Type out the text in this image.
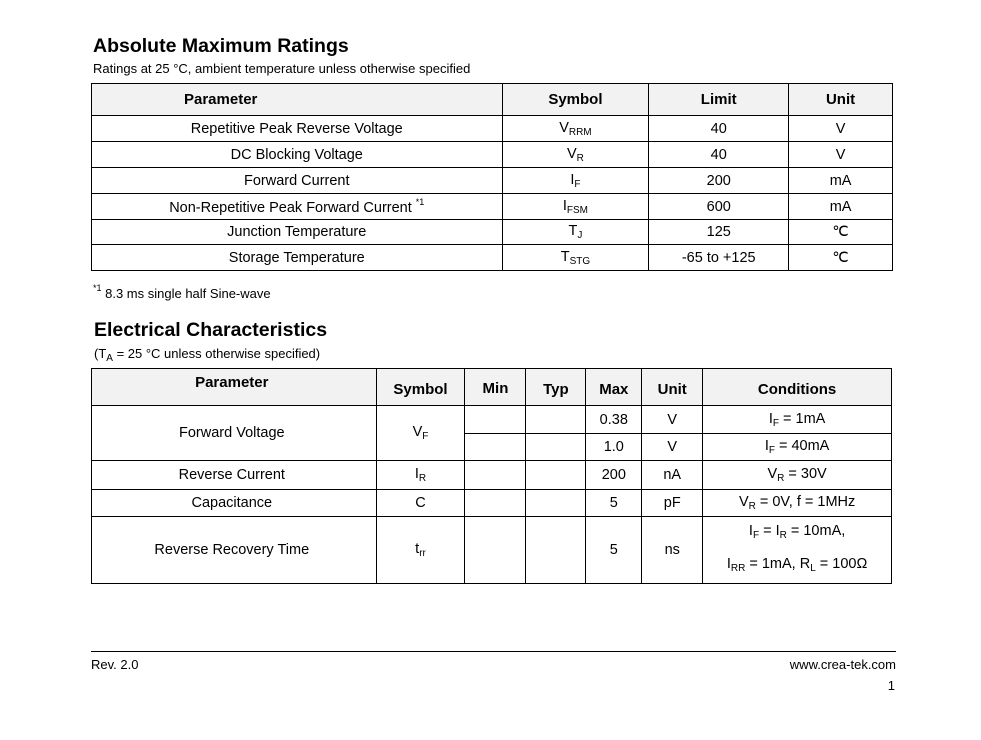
Absolute Maximum Ratings
Ratings at 25 °C, ambient temperature unless otherwise specified
Parameter	Symbol	Limit	Unit
Repetitive Peak Reverse Voltage	$V_{RRM}$	40	V
DC Blocking Voltage	$V_R$	40	V
Forward Current	$I_F$	200	mA
Non-Repetitive Peak Forward Current $^{*1}$	$I_{FSM}$	600	mA
Junction Temperature	$T_J$	125	℃
Storage Temperature	$T_{STG}$	-65 to +125	℃
$^{*1}$ 8.3 ms single half Sine-wave
Electrical Characteristics
($T_A = 25$ °C unless otherwise specified)
Parameter	Symbol	Min	Typ	Max	Unit	Conditions
Forward Voltage	$V_F$			0.38	V	$I_F = 1mA$
				1.0	V	$I_F = 40mA$
Reverse Current	$I_R$			200	nA	$V_R = 30V$
Capacitance	C			5	pF	$V_R = 0V$, f = 1MHz
Reverse Recovery Time	$t_{rr}$			5	ns	$I_F = I_R = 10mA$,
$I_{RR} = 1mA$, $R_L = 100\Omega$
Rev. 2.0	www.crea-tek.com
1
